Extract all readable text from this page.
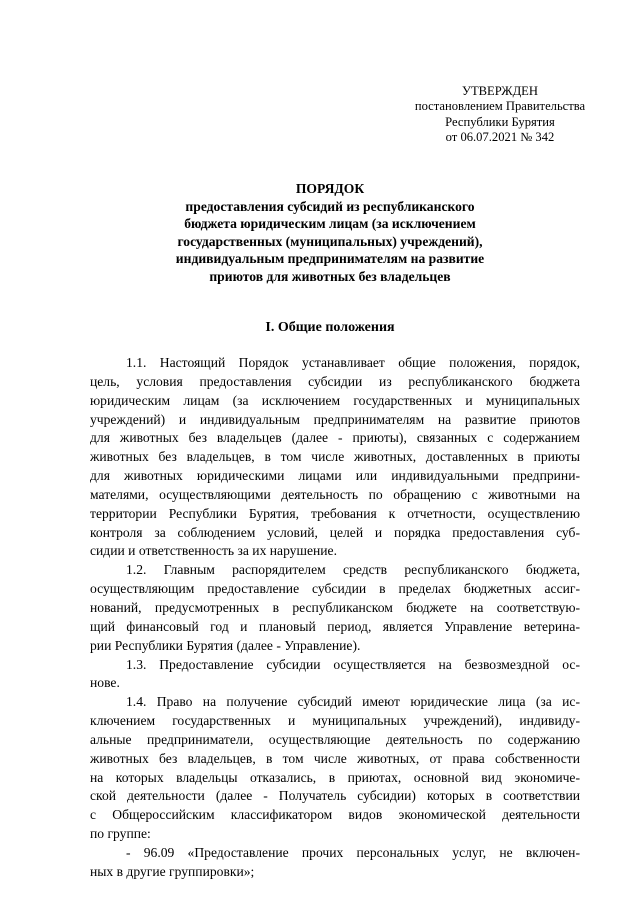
УТВЕРЖДЕН
постановлением Правительства
Республики Бурятия
от 06.07.2021 № 342
ПОРЯДОК
предоставления субсидий из республиканского
бюджета юридическим лицам (за исключением
государственных (муниципальных) учреждений),
индивидуальным предпринимателям на развитие
приютов для животных без владельцев
I. Общие положения
1.1. Настоящий Порядок устанавливает общие положения, порядок,
цель, условия предоставления субсидии из республиканского бюджета
юридическим лицам (за исключением государственных и муниципальных
учреждений) и индивидуальным предпринимателям на развитие приютов
для животных без владельцев (далее - приюты), связанных с содержанием
животных без владельцев, в том числе животных, доставленных в приюты
для животных юридическими лицами или индивидуальными предприни-
мателями, осуществляющими деятельность по обращению с животными на
территории Республики Бурятия, требования к отчетности, осуществлению
контроля за соблюдением условий, целей и порядка предоставления суб-
сидии и ответственность за их нарушение.
1.2. Главным распорядителем средств республиканского бюджета,
осуществляющим предоставление субсидии в пределах бюджетных ассиг-
нований, предусмотренных в республиканском бюджете на соответствую-
щий финансовый год и плановый период, является Управление ветерина-
рии Республики Бурятия (далее - Управление).
1.3. Предоставление субсидии осуществляется на безвозмездной ос-
нове.
1.4. Право на получение субсидий имеют юридические лица (за ис-
ключением государственных и муниципальных учреждений), индивиду-
альные предприниматели, осуществляющие деятельность по содержанию
животных без владельцев, в том числе животных, от права собственности
на которых владельцы отказались, в приютах, основной вид экономиче-
ской деятельности (далее - Получатель субсидии) которых в соответствии
с Общероссийским классификатором видов экономической деятельности
по группе:
- 96.09 «Предоставление прочих персональных услуг, не включен-
ных в другие группировки»;
